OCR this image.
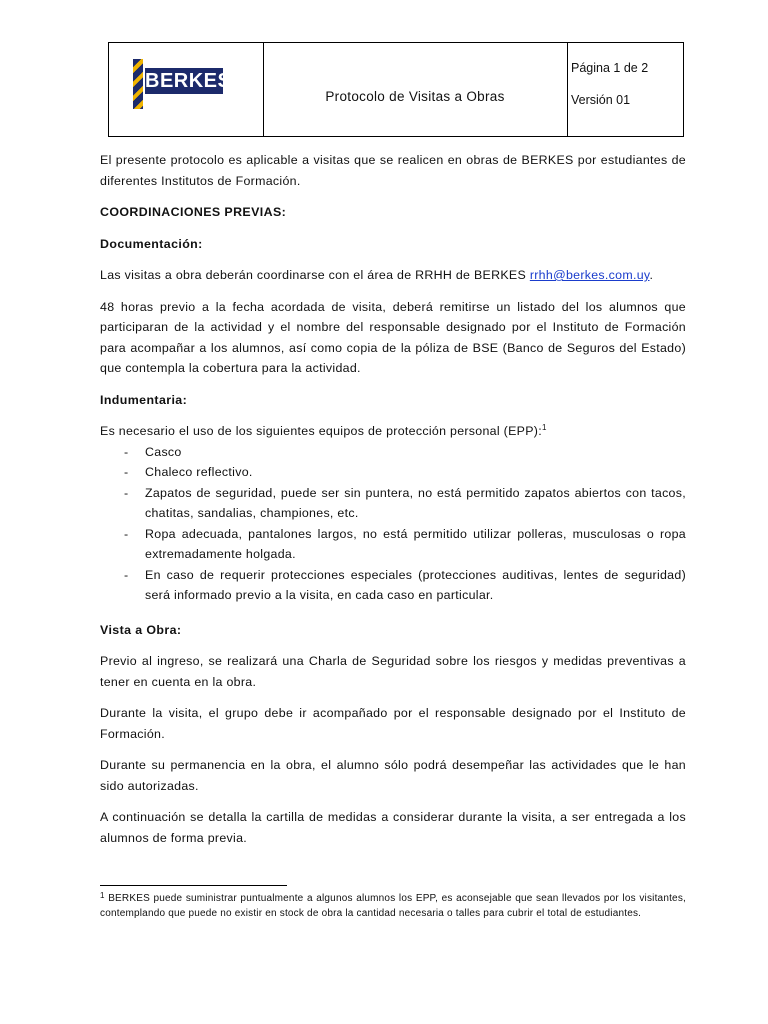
BERKES
Protocolo de Visitas a Obras
Página 1 de 2
Versión 01

El presente protocolo es aplicable a visitas que se realicen en obras de BERKES por estudiantes de diferentes Institutos de Formación.

COORDINACIONES PREVIAS:
Documentación:

Las visitas a obra deberán coordinarse con el área de RRHH de BERKES rrhh@berkes.com.uy.

48 horas previo a la fecha acordada de visita, deberá remitirse un listado del los alumnos que participaran de la actividad y el nombre del responsable designado por el Instituto de Formación para acompañar a los alumnos, así como copia de la póliza de BSE (Banco de Seguros del Estado) que contempla la cobertura para la actividad.

Indumentaria:

Es necesario el uso de los siguientes equipos de protección personal (EPP):$^1$

- Casco
- Chaleco reflectivo.
- Zapatos de seguridad, puede ser sin puntera, no está permitido zapatos abiertos con tacos, chatitas, sandalias, championes, etc.
- Ropa adecuada, pantalones largos, no está permitido utilizar polleras, musculosas o ropa extremadamente holgada.
- En caso de requerir protecciones especiales (protecciones auditivas, lentes de seguridad) será informado previo a la visita, en cada caso en particular.
Vista a Obra:

Previo al ingreso, se realizará una Charla de Seguridad sobre los riesgos y medidas preventivas a tener en cuenta en la obra.

Durante la visita, el grupo debe ir acompañado por el responsable designado por el Instituto de Formación.

Durante su permanencia en la obra, el alumno sólo podrá desempeñar las actividades que le han sido autorizadas.

A continuación se detalla la cartilla de medidas a considerar durante la visita, a ser entregada a los alumnos de forma previa.

$^1$ BERKES puede suministrar puntualmente a algunos alumnos los EPP, es aconsejable que sean llevados por los visitantes, contemplando que puede no existir en stock de obra la cantidad necesaria o talles para cubrir el total de estudiantes.
